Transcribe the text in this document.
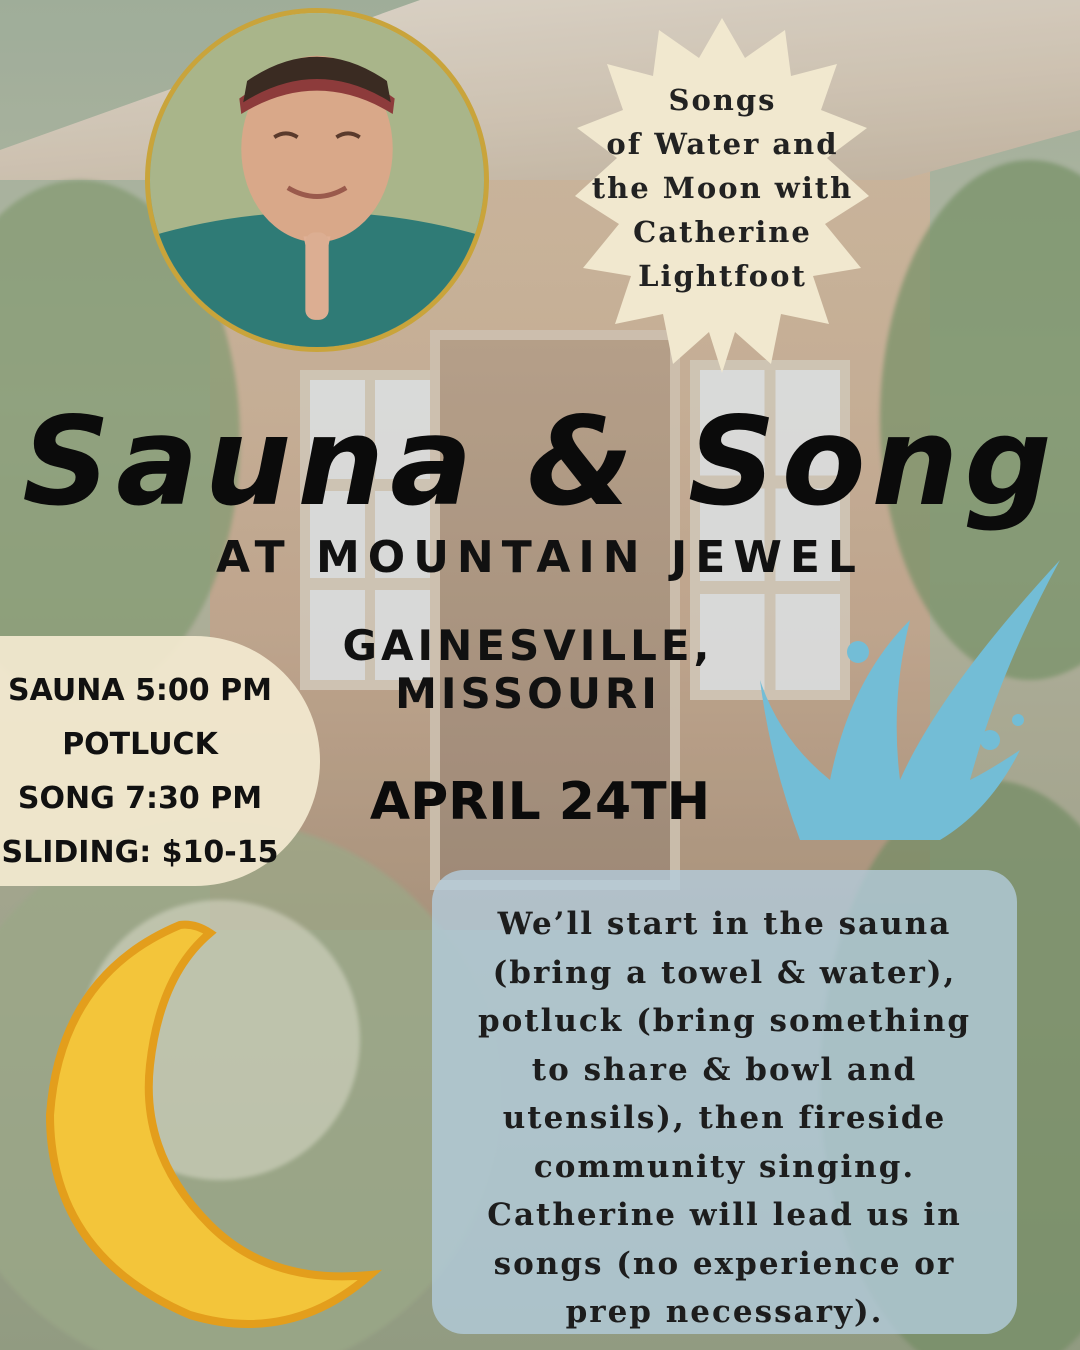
Songs
of Water and
the Moon with
Catherine
Lightfoot
Sauna & Song
AT MOUNTAIN JEWEL
GAINESVILLE,
MISSOURI
APRIL 24TH
SAUNA 5:00 PM
POTLUCK
SONG 7:30 PM
SLIDING: $10-15
We’ll start in the sauna
(bring a towel & water),
potluck (bring something
to share & bowl and
utensils), then fireside
community singing.
Catherine will lead us in
songs (no experience or
prep necessary).
